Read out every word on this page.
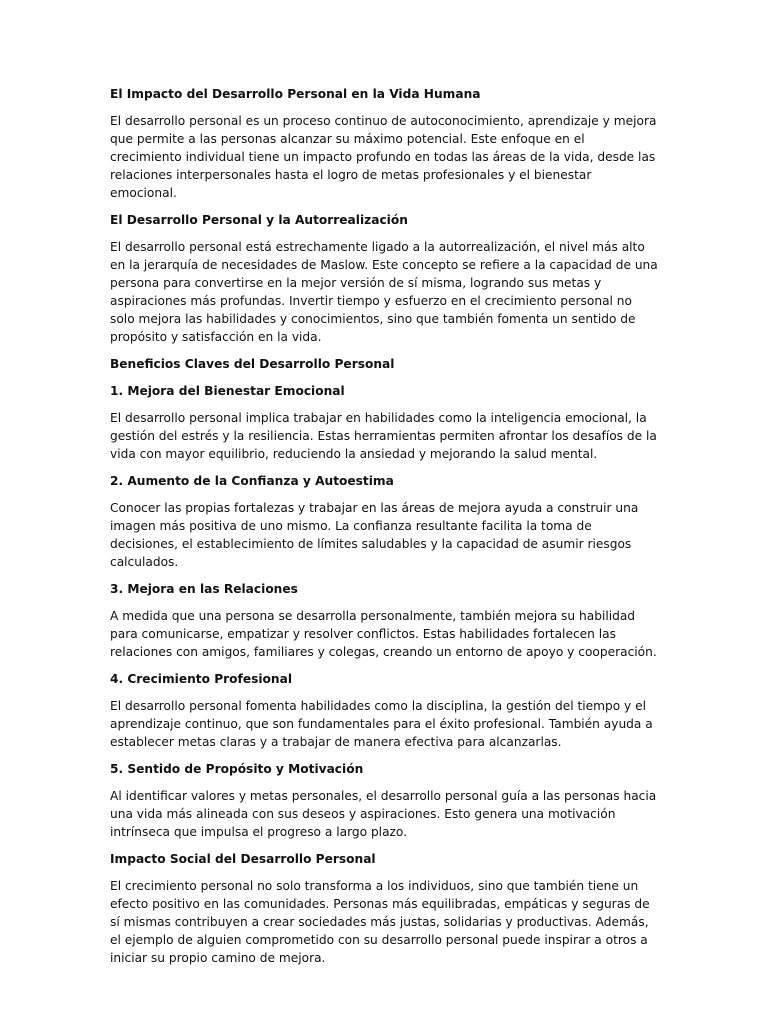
El Impacto del Desarrollo Personal en la Vida Humana
El desarrollo personal es un proceso continuo de autoconocimiento, aprendizaje y mejora que permite a las personas alcanzar su máximo potencial. Este enfoque en el crecimiento individual tiene un impacto profundo en todas las áreas de la vida, desde las relaciones interpersonales hasta el logro de metas profesionales y el bienestar emocional.
El Desarrollo Personal y la Autorrealización
El desarrollo personal está estrechamente ligado a la autorrealización, el nivel más alto en la jerarquía de necesidades de Maslow. Este concepto se refiere a la capacidad de una persona para convertirse en la mejor versión de sí misma, logrando sus metas y aspiraciones más profundas. Invertir tiempo y esfuerzo en el crecimiento personal no solo mejora las habilidades y conocimientos, sino que también fomenta un sentido de propósito y satisfacción en la vida.
Beneficios Claves del Desarrollo Personal
1. Mejora del Bienestar Emocional
El desarrollo personal implica trabajar en habilidades como la inteligencia emocional, la gestión del estrés y la resiliencia. Estas herramientas permiten afrontar los desafíos de la vida con mayor equilibrio, reduciendo la ansiedad y mejorando la salud mental.
2. Aumento de la Confianza y Autoestima
Conocer las propias fortalezas y trabajar en las áreas de mejora ayuda a construir una imagen más positiva de uno mismo. La confianza resultante facilita la toma de decisiones, el establecimiento de límites saludables y la capacidad de asumir riesgos calculados.
3. Mejora en las Relaciones
A medida que una persona se desarrolla personalmente, también mejora su habilidad para comunicarse, empatizar y resolver conflictos. Estas habilidades fortalecen las relaciones con amigos, familiares y colegas, creando un entorno de apoyo y cooperación.
4. Crecimiento Profesional
El desarrollo personal fomenta habilidades como la disciplina, la gestión del tiempo y el aprendizaje continuo, que son fundamentales para el éxito profesional. También ayuda a establecer metas claras y a trabajar de manera efectiva para alcanzarlas.
5. Sentido de Propósito y Motivación
Al identificar valores y metas personales, el desarrollo personal guía a las personas hacia una vida más alineada con sus deseos y aspiraciones. Esto genera una motivación intrínseca que impulsa el progreso a largo plazo.
Impacto Social del Desarrollo Personal
El crecimiento personal no solo transforma a los individuos, sino que también tiene un efecto positivo en las comunidades. Personas más equilibradas, empáticas y seguras de sí mismas contribuyen a crear sociedades más justas, solidarias y productivas. Además, el ejemplo de alguien comprometido con su desarrollo personal puede inspirar a otros a iniciar su propio camino de mejora.
